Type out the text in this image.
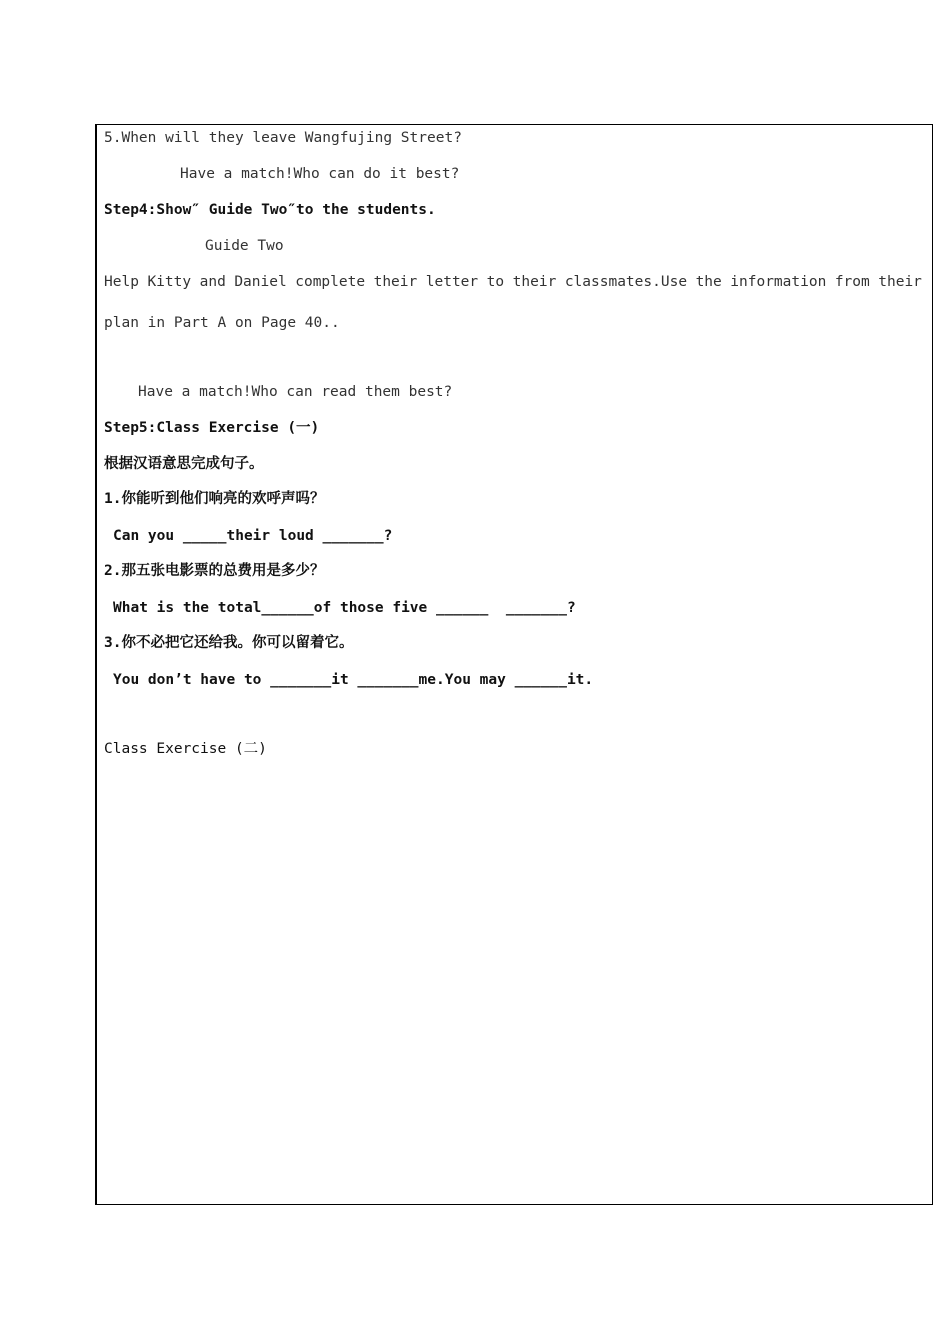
5.When will they leave Wangfujing Street?
Have a match!Who can do it best?
Step4:Show″ Guide Two″to the students.
Guide Two
Help Kitty and Daniel complete their letter to their classmates.Use the information from their
plan in Part A on Page 40..
Have a match!Who can read them best?
Step5:Class Exercise (一)
根据汉语意思完成句子。
1.你能听到他们响亮的欢呼声吗？
Can you _____their loud _______?
2.那五张电影票的总费用是多少？
What is the total______of those five ______  _______?
3.你不必把它还给我。你可以留着它。
You don’t have to _______it _______me.You may ______it.
Class Exercise (二)
